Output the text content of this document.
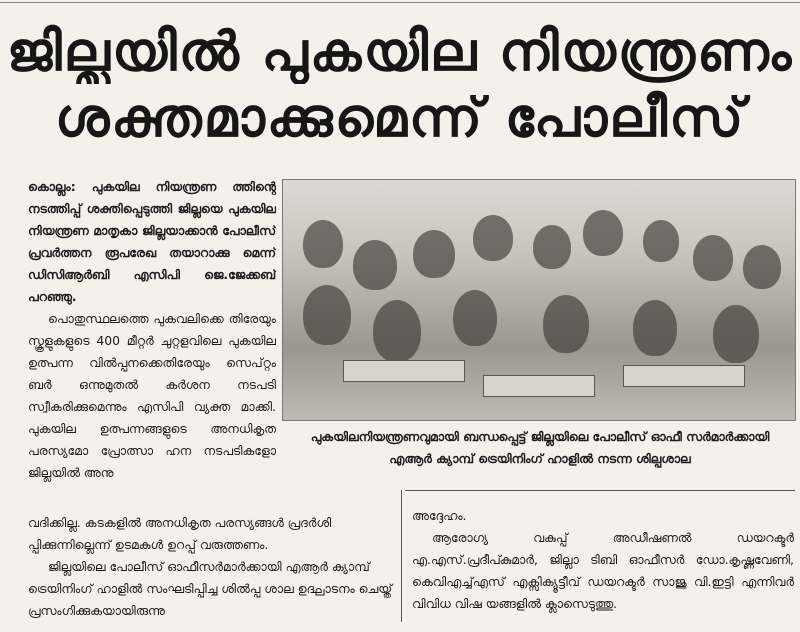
ജില്ലയിൽ പുകയില നിയന്ത്രണം
ശക്തമാക്കുമെന്ന് പോലീസ്

കൊല്ലം: പുകയില നിയന്ത്രണ ത്തിന്റെ നടത്തിപ്പ് ശക്തിപ്പെടുത്തി ജില്ലയെ പുകയില നിയന്ത്രണ മാതൃകാ ജില്ലയാക്കാൻ പോലീസ് പ്രവർത്തന രൂപരേഖ തയാറാക്കു മെന്ന് ഡിസിആർബി എസിപി ജെ.ജേക്കബ് പറഞ്ഞു.

പൊതുസ്ഥലത്തെ പുകവലിക്കെ തിരേയും സ്കൂളുകളുടെ 400 മീറ്റർ ചുറ്റളവിലെ പുകയില ഉത്പന്ന വിൽപ്പനക്കെതിരേയും സെപ്റ്റം ബർ ഒന്നുമുതൽ കർശന നടപടി സ്വീകരിക്കുമെന്നും എസിപി വ്യക്ത മാക്കി. പുകയില ഉത്പന്നങ്ങളുടെ അനധികൃത പരസ്യമോ പ്രോത്സാ ഹന നടപടികളോ ജില്ലയിൽ അനു

വദിക്കില്ല. കടകളിൽ അനധികൃത പരസ്യങ്ങൾ പ്രദർശി പ്പിക്കുന്നില്ലെന്ന് ഉടമകൾ ഉറപ്പ് വരുത്തണം.

ജില്ലയിലെ പോലീസ് ഓഫീസർമാർക്കായി എആർ ക്യാമ്പ് ട്രെയിനിംഗ് ഹാളിൽ സംഘടിപ്പിച്ച ശിൽപ്പ ശാല ഉദ്ഘാടനം ചെയ്ത് പ്രസംഗിക്കുകയായിരുന്നു

പുകയിലനിയന്ത്രണവുമായി ബന്ധപ്പെട്ട് ജില്ലയിലെ പോലീസ് ഓഫീ സർമാർക്കായി എആർ ക്യാമ്പ് ട്രെയിനിംഗ് ഹാളിൽ നടന്ന ശില്പശാല

അദ്ദേഹം.

ആരോഗ്യ വകുപ്പ് അഡീഷണൽ ഡയറക്ടർ എ.എസ്.പ്രദീപ്കുമാർ, ജില്ലാ ടിബി ഓഫീസർ ഡോ.കൃഷ്ണവേണി, കെവിഎച്ച്എസ് എക്സിക്യൂട്ടീവ് ഡയറക്ടർ സാജു വി.ഇട്ടി എന്നിവർ വിവിധ വിഷ യങ്ങളിൽ ക്ലാസെടുത്തു.
